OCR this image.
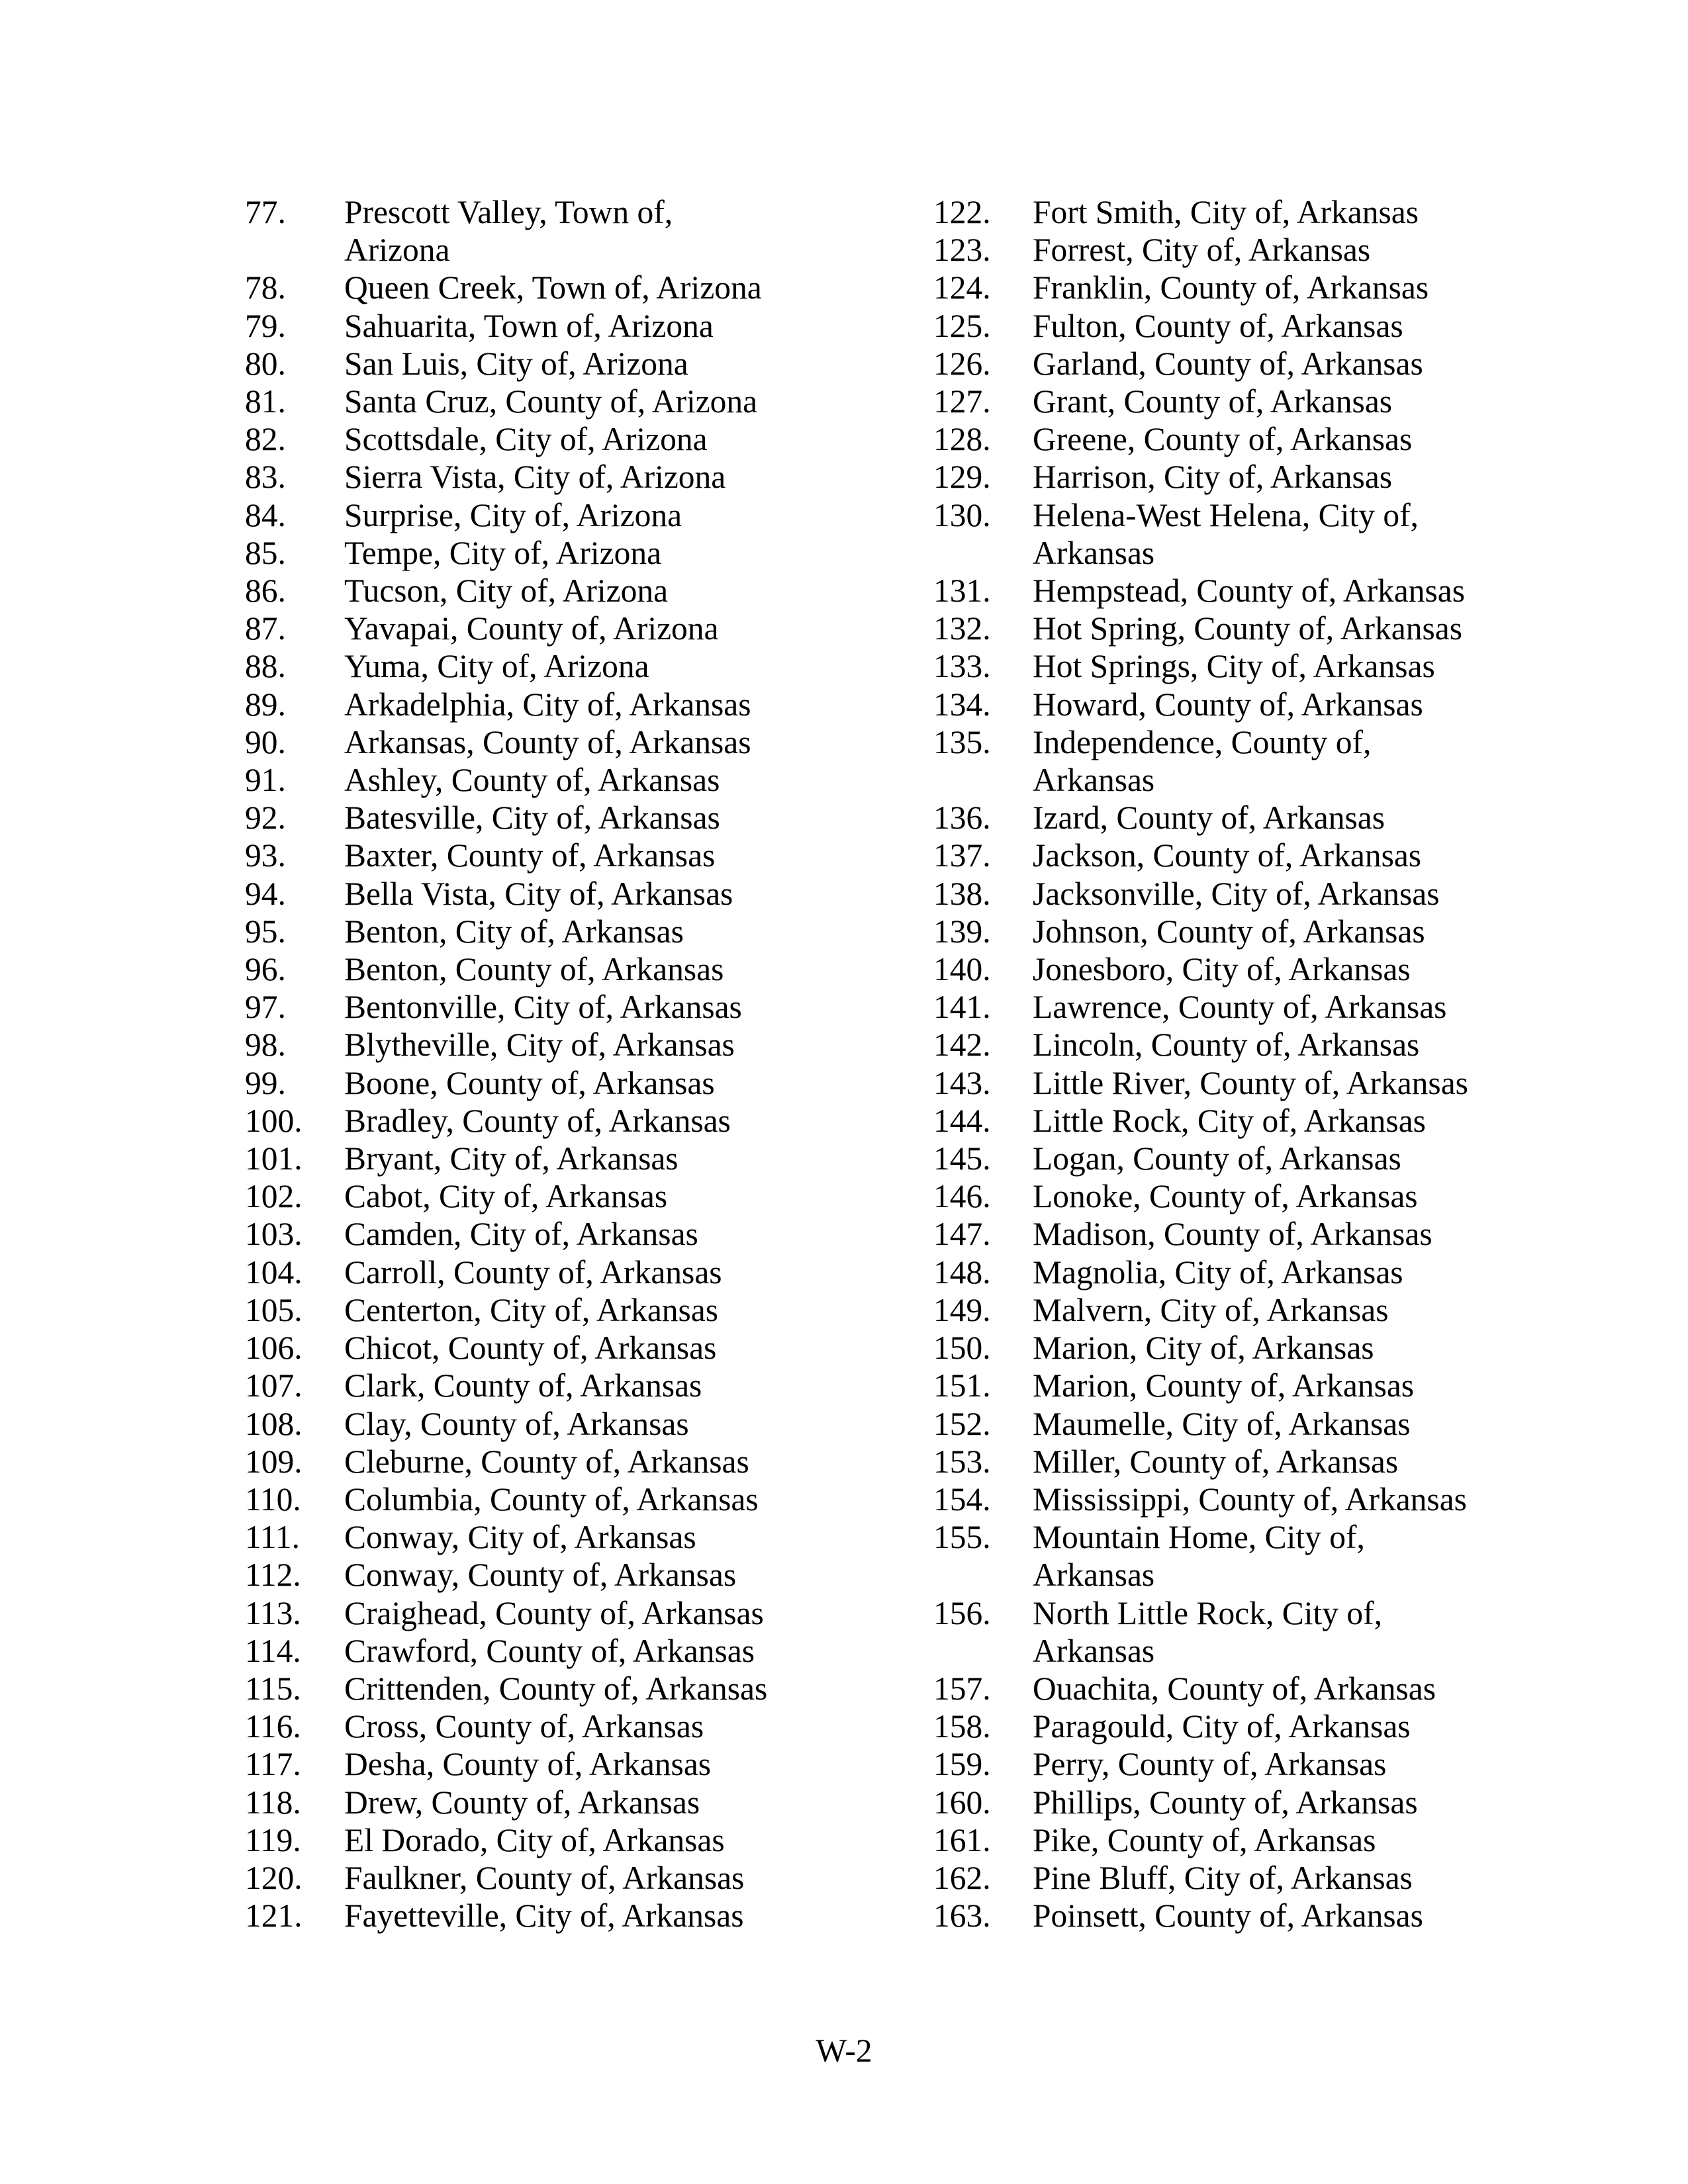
77.	Prescott Valley, Town of,
Arizona
78.	Queen Creek, Town of, Arizona
79.	Sahuarita, Town of, Arizona
80.	San Luis, City of, Arizona
81.	Santa Cruz, County of, Arizona
82.	Scottsdale, City of, Arizona
83.	Sierra Vista, City of, Arizona
84.	Surprise, City of, Arizona
85.	Tempe, City of, Arizona
86.	Tucson, City of, Arizona
87.	Yavapai, County of, Arizona
88.	Yuma, City of, Arizona
89.	Arkadelphia, City of, Arkansas
90.	Arkansas, County of, Arkansas
91.	Ashley, County of, Arkansas
92.	Batesville, City of, Arkansas
93.	Baxter, County of, Arkansas
94.	Bella Vista, City of, Arkansas
95.	Benton, City of, Arkansas
96.	Benton, County of, Arkansas
97.	Bentonville, City of, Arkansas
98.	Blytheville, City of, Arkansas
99.	Boone, County of, Arkansas
100.	Bradley, County of, Arkansas
101.	Bryant, City of, Arkansas
102.	Cabot, City of, Arkansas
103.	Camden, City of, Arkansas
104.	Carroll, County of, Arkansas
105.	Centerton, City of, Arkansas
106.	Chicot, County of, Arkansas
107.	Clark, County of, Arkansas
108.	Clay, County of, Arkansas
109.	Cleburne, County of, Arkansas
110.	Columbia, County of, Arkansas
111.	Conway, City of, Arkansas
112.	Conway, County of, Arkansas
113.	Craighead, County of, Arkansas
114.	Crawford, County of, Arkansas
115.	Crittenden, County of, Arkansas
116.	Cross, County of, Arkansas
117.	Desha, County of, Arkansas
118.	Drew, County of, Arkansas
119.	El Dorado, City of, Arkansas
120.	Faulkner, County of, Arkansas
121.	Fayetteville, City of, Arkansas
122.	Fort Smith, City of, Arkansas
123.	Forrest, City of, Arkansas
124.	Franklin, County of, Arkansas
125.	Fulton, County of, Arkansas
126.	Garland, County of, Arkansas
127.	Grant, County of, Arkansas
128.	Greene, County of, Arkansas
129.	Harrison, City of, Arkansas
130.	Helena-West Helena, City of,
Arkansas
131.	Hempstead, County of, Arkansas
132.	Hot Spring, County of, Arkansas
133.	Hot Springs, City of, Arkansas
134.	Howard, County of, Arkansas
135.	Independence, County of,
Arkansas
136.	Izard, County of, Arkansas
137.	Jackson, County of, Arkansas
138.	Jacksonville, City of, Arkansas
139.	Johnson, County of, Arkansas
140.	Jonesboro, City of, Arkansas
141.	Lawrence, County of, Arkansas
142.	Lincoln, County of, Arkansas
143.	Little River, County of, Arkansas
144.	Little Rock, City of, Arkansas
145.	Logan, County of, Arkansas
146.	Lonoke, County of, Arkansas
147.	Madison, County of, Arkansas
148.	Magnolia, City of, Arkansas
149.	Malvern, City of, Arkansas
150.	Marion, City of, Arkansas
151.	Marion, County of, Arkansas
152.	Maumelle, City of, Arkansas
153.	Miller, County of, Arkansas
154.	Mississippi, County of, Arkansas
155.	Mountain Home, City of,
Arkansas
156.	North Little Rock, City of,
Arkansas
157.	Ouachita, County of, Arkansas
158.	Paragould, City of, Arkansas
159.	Perry, County of, Arkansas
160.	Phillips, County of, Arkansas
161.	Pike, County of, Arkansas
162.	Pine Bluff, City of, Arkansas
163.	Poinsett, County of, Arkansas
W-2
